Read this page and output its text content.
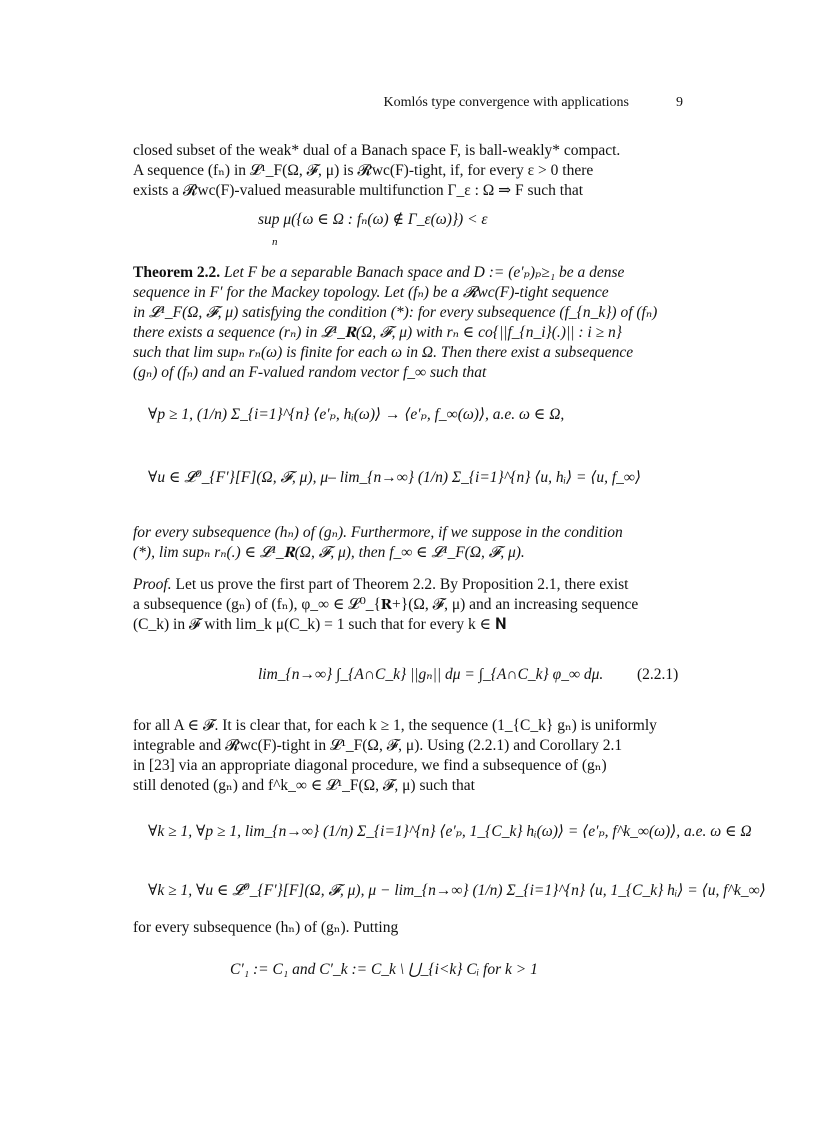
Komlós type convergence with applications	9
closed subset of the weak* dual of a Banach space F, is ball-weakly* compact.
A sequence (fₙ) in 𝓛¹_F(Ω, 𝓕, μ) is 𝓡wc(F)-tight, if, for every ε > 0 there
exists a 𝓡wc(F)-valued measurable multifunction Γ_ε : Ω ⇒ F such that
sup μ({ω ∈ Ω : fₙ(ω) ∉ Γ_ε(ω)}) < ε
n
Theorem 2.2. Let F be a separable Banach space and D := (e′ₚ)ₚ≥₁ be a dense
sequence in F′ for the Mackey topology. Let (fₙ) be a 𝓡wc(F)-tight sequence
in 𝓛¹_F(Ω, 𝓕, μ) satisfying the condition (*): for every subsequence (f_{n_k}) of (fₙ)
there exists a sequence (rₙ) in 𝓛¹_𝐑(Ω, 𝓕, μ) with rₙ ∈ co{||f_{n_i}(.)|| : i ≥ n}
such that lim supₙ rₙ(ω) is finite for each ω in Ω. Then there exist a subsequence
(gₙ) of (fₙ) and an F-valued random vector f_∞ such that
∀p ≥ 1, (1/n) Σ_{i=1}^{n} ⟨e′ₚ, hᵢ(ω)⟩ → ⟨e′ₚ, f_∞(ω)⟩, a.e. ω ∈ Ω,
∀u ∈ 𝓛⁰_{F′}[F](Ω, 𝓕, μ), μ– lim_{n→∞} (1/n) Σ_{i=1}^{n} ⟨u, hᵢ⟩ = ⟨u, f_∞⟩
for every subsequence (hₙ) of (gₙ). Furthermore, if we suppose in the condition
(*), lim supₙ rₙ(.) ∈ 𝓛¹_𝐑(Ω, 𝓕, μ), then f_∞ ∈ 𝓛¹_F(Ω, 𝓕, μ).
Proof. Let us prove the first part of Theorem 2.2. By Proposition 2.1, there exist
a subsequence (gₙ) of (fₙ), φ_∞ ∈ 𝓛⁰_{𝐑+}(Ω, 𝓕, μ) and an increasing sequence
(C_k) in 𝓕 with lim_k μ(C_k) = 1 such that for every k ∈ 𝐍
lim_{n→∞} ∫_{A∩C_k} ||gₙ|| dμ = ∫_{A∩C_k} φ_∞ dμ. (2.2.1)
for all A ∈ 𝓕. It is clear that, for each k ≥ 1, the sequence (1_{C_k} gₙ) is uniformly
integrable and 𝓡wc(F)-tight in 𝓛¹_F(Ω, 𝓕, μ). Using (2.2.1) and Corollary 2.1
in [23] via an appropriate diagonal procedure, we find a subsequence of (gₙ)
still denoted (gₙ) and f^k_∞ ∈ 𝓛¹_F(Ω, 𝓕, μ) such that
∀k ≥ 1, ∀p ≥ 1, lim_{n→∞} (1/n) Σ_{i=1}^{n} ⟨e′ₚ, 1_{C_k} hᵢ(ω)⟩ = ⟨e′ₚ, f^k_∞(ω)⟩, a.e. ω ∈ Ω
∀k ≥ 1, ∀u ∈ 𝓛⁰_{F′}[F](Ω, 𝓕, μ), μ − lim_{n→∞} (1/n) Σ_{i=1}^{n} ⟨u, 1_{C_k} hᵢ⟩ = ⟨u, f^k_∞⟩
for every subsequence (hₙ) of (gₙ). Putting
C′₁ := C₁ and C′_k := C_k \ ⋃_{i<k} Cᵢ for k > 1
